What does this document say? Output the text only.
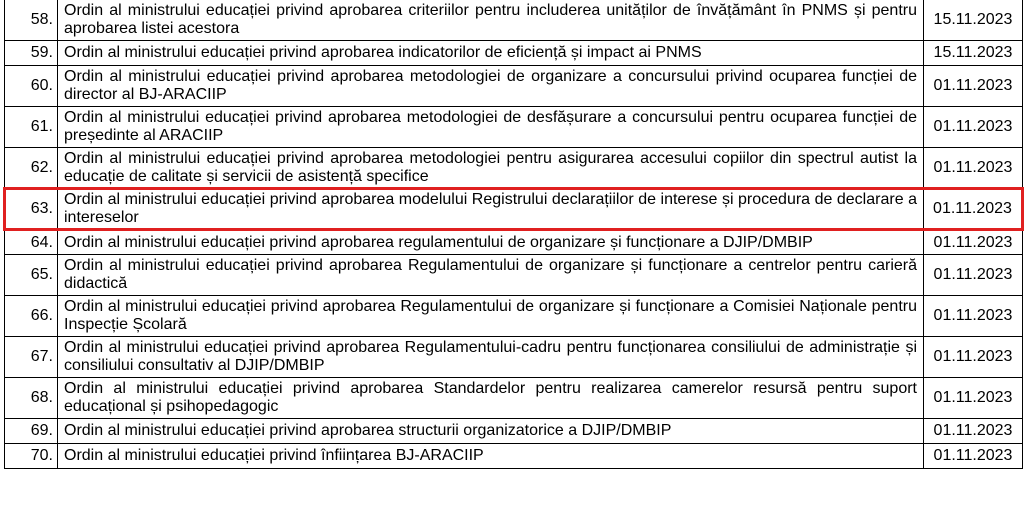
58.	Ordin al ministrului educației privind aprobarea criteriilor pentru includerea unităților de învățământ în PNMS și pentru aprobarea listei acestora	15.11.2023
59.	Ordin al ministrului educației privind aprobarea indicatorilor de eficiență și impact ai PNMS	15.11.2023
60.	Ordin al ministrului educației privind aprobarea metodologiei de organizare a concursului privind ocuparea funcției de director al BJ-ARACIIP	01.11.2023
61.	Ordin al ministrului educației privind aprobarea metodologiei de desfășurare a concursului pentru ocuparea funcției de președinte al ARACIIP	01.11.2023
62.	Ordin al ministrului educației privind aprobarea metodologiei pentru asigurarea accesului copiilor din spectrul autist la educație de calitate și servicii de asistență specifice	01.11.2023
63.	Ordin al ministrului educației privind aprobarea modelului Registrului declarațiilor de interese și procedura de declarare a intereselor	01.11.2023
64.	Ordin al ministrului educației privind aprobarea regulamentului de organizare și funcționare a DJIP/DMBIP	01.11.2023
65.	Ordin al ministrului educației privind aprobarea Regulamentului de organizare și funcționare a centrelor pentru carieră didactică	01.11.2023
66.	Ordin al ministrului educației privind aprobarea Regulamentului de organizare și funcționare a Comisiei Naționale pentru Inspecție Școlară	01.11.2023
67.	Ordin al ministrului educației privind aprobarea Regulamentului-cadru pentru funcționarea consiliului de administrație și consiliului consultativ al DJIP/DMBIP	01.11.2023
68.	Ordin al ministrului educației privind aprobarea Standardelor pentru realizarea camerelor resursă pentru suport educațional și psihopedagogic	01.11.2023
69.	Ordin al ministrului educației privind aprobarea structurii organizatorice a DJIP/DMBIP	01.11.2023
70.	Ordin al ministrului educației privind înființarea BJ-ARACIIP	01.11.2023
